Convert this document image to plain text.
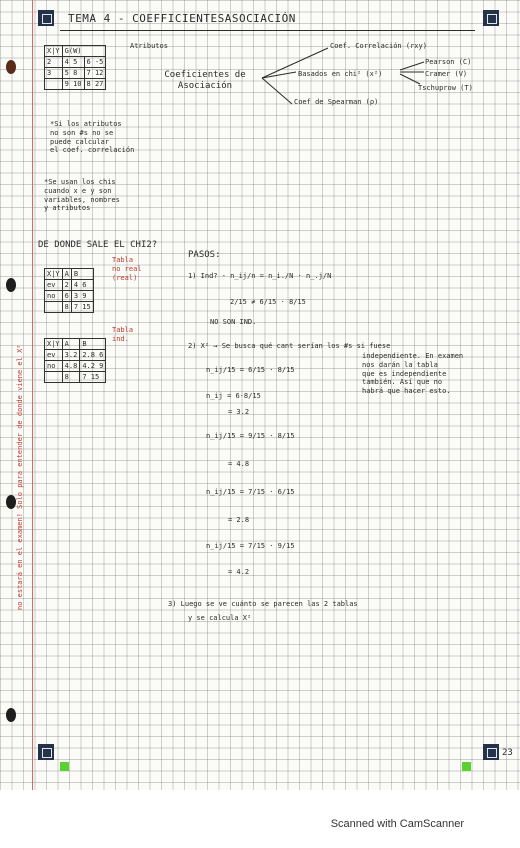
23
TEMA 4 - COEFFICIENTESASOCIACIÓN
X|Y	G(W)	
2	4 5	6 -5
3	5 8	7 12
	9 10	8 27
Atributos
Coeficientes de Asociación
Coef. Correlación (rxy)
Basados en chi² (x²)
Pearson (C)
Cramer (V)
Tschuprow (T)
Coef de Spearman (ρ)
*Si los atributos
no son #s no se
puede calcular
el coef. correlación
*Se usan los chis
cuando x e y son
variables, nombres
y atributos
DE DONDE SALE EL CHI2?
X|Y	A	B
ev	2	4 6
no	6	3 9
	8	7 15
Tabla
no real
(real)
X|Y	A	B
ev	3.2	2.8 6
no	4.8	4.2 9
	8	7 15
Tabla
ind.
no estará en el examen! Solo para entender de donde viene el X²
PASOS:
1) Ind? - n_ij/n = n_i./N · n_.j/N
2/15 ≠ 6/15 · 8/15
NO SON IND.
2) X² → Se busca qué cant serían los #s si fuese
independiente. En examen
nos darán la tabla
que es independiente
también. Así que no
habrá que hacer esto.
n_ij/15 = 6/15 · 8/15
n_ij = 6·8/15
= 3.2
n_ij/15 = 9/15 · 8/15
= 4.8
n_ij/15 = 7/15 · 6/15
= 2.8
n_ij/15 = 7/15 · 9/15
= 4.2
3) Luego se ve cuánto se parecen las 2 tablas
y se calcula X²
Scanned with CamScanner
